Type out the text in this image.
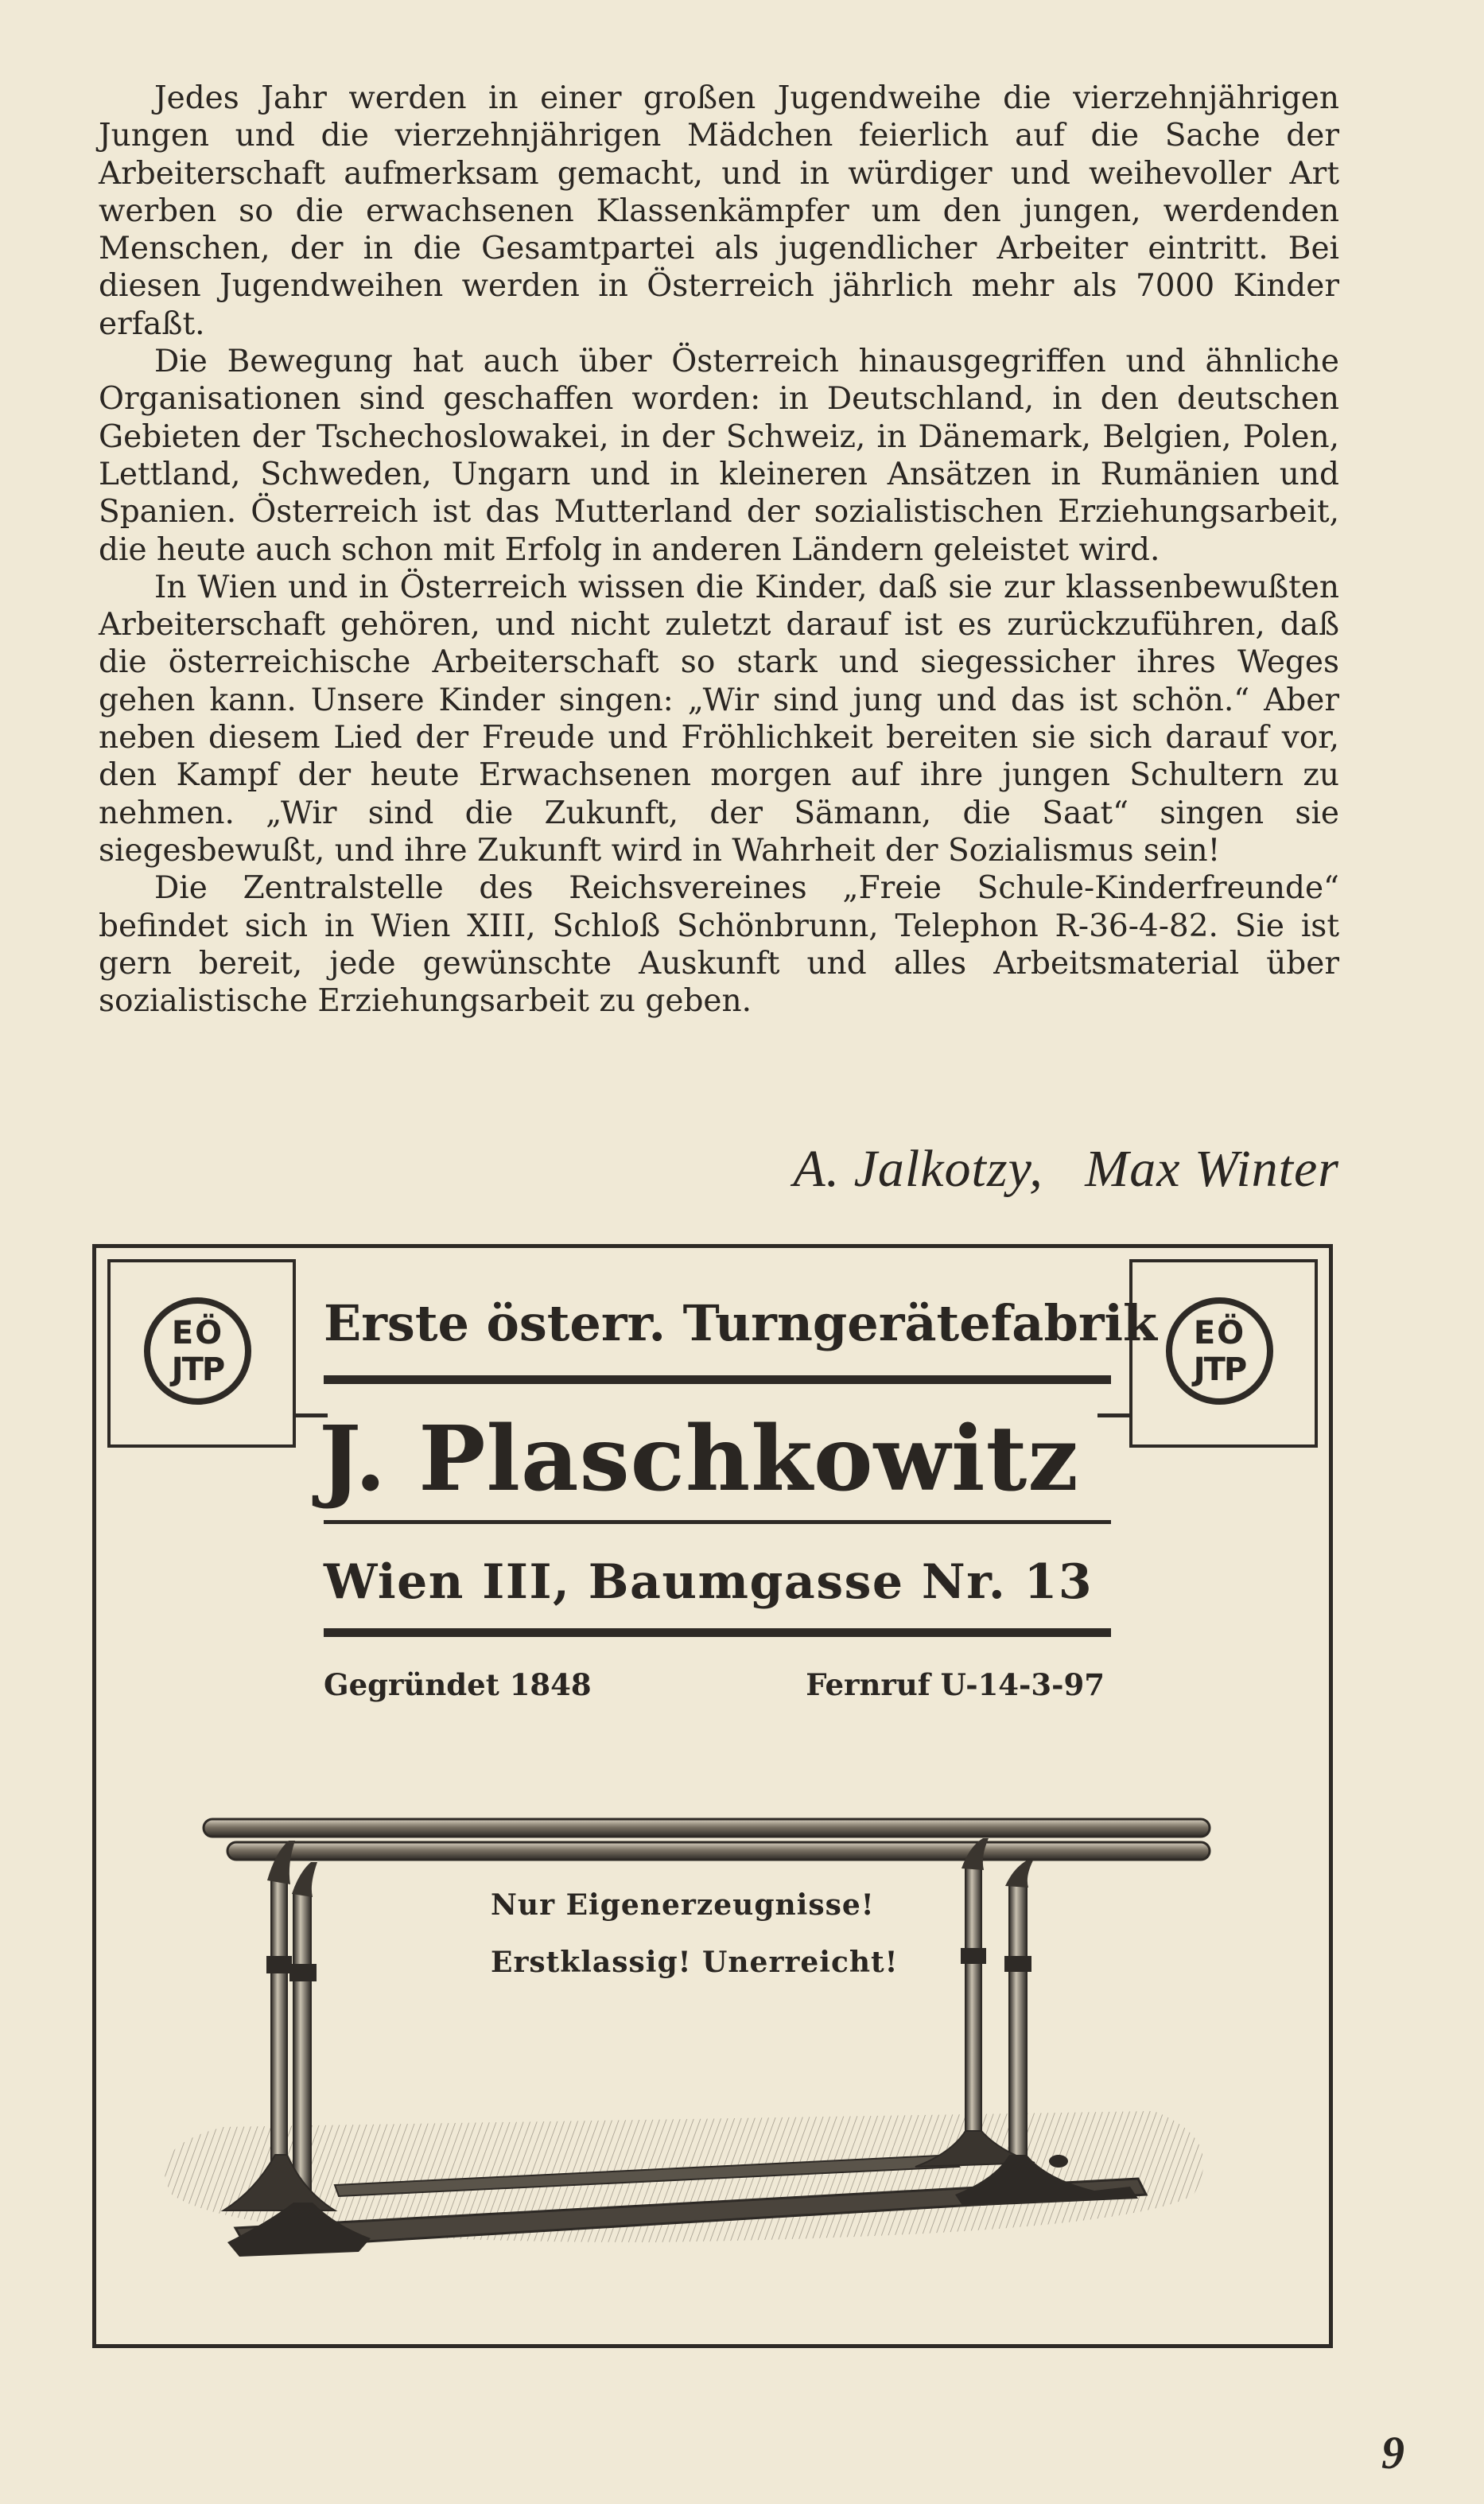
Jedes Jahr werden in einer großen Jugendweihe die vierzehnjährigen Jungen und die vierzehnjährigen Mädchen feierlich auf die Sache der Arbeiterschaft aufmerksam gemacht, und in würdiger und weihevoller Art werben so die erwachsenen Klassenkämpfer um den jungen, werdenden Menschen, der in die Gesamtpartei als jugendlicher Arbeiter eintritt. Bei diesen Jugendweihen werden in Österreich jährlich mehr als 7000 Kinder erfaßt.

Die Bewegung hat auch über Österreich hinausgegriffen und ähnliche Organisationen sind geschaffen worden: in Deutschland, in den deutschen Gebieten der Tschechoslowakei, in der Schweiz, in Dänemark, Belgien, Polen, Lettland, Schweden, Ungarn und in kleineren Ansätzen in Rumänien und Spanien. Österreich ist das Mutterland der sozialistischen Erziehungsarbeit, die heute auch schon mit Erfolg in anderen Ländern geleistet wird.

In Wien und in Österreich wissen die Kinder, daß sie zur klassenbewußten Arbeiterschaft gehören, und nicht zuletzt darauf ist es zurückzuführen, daß die österreichische Arbeiterschaft so stark und siegessicher ihres Weges gehen kann. Unsere Kinder singen: „Wir sind jung und das ist schön.“ Aber neben diesem Lied der Freude und Fröhlichkeit bereiten sie sich darauf vor, den Kampf der heute Erwachsenen morgen auf ihre jungen Schultern zu nehmen. „Wir sind die Zukunft, der Sämann, die Saat“ singen sie siegesbewußt, und ihre Zukunft wird in Wahrheit der Sozialismus sein!

Die Zentralstelle des Reichsvereines „Freie Schule-Kinderfreunde“ befindet sich in Wien XIII, Schloß Schönbrunn, Telephon R-36-4-82. Sie ist gern bereit, jede gewünschte Auskunft und alles Arbeitsmaterial über sozialistische Erziehungsarbeit zu geben.

A. Jalkotzy,   Max Winter
EÖ
JTP
EÖ
JTP
Erste österr. Turngerätefabrik
J. Plaschkowitz
Wien III, Baumgasse Nr. 13
Gegründet 1848	Fernruf U-14-3-97
Nur Eigenerzeugnisse!
Erstklassig! Unerreicht!
9
